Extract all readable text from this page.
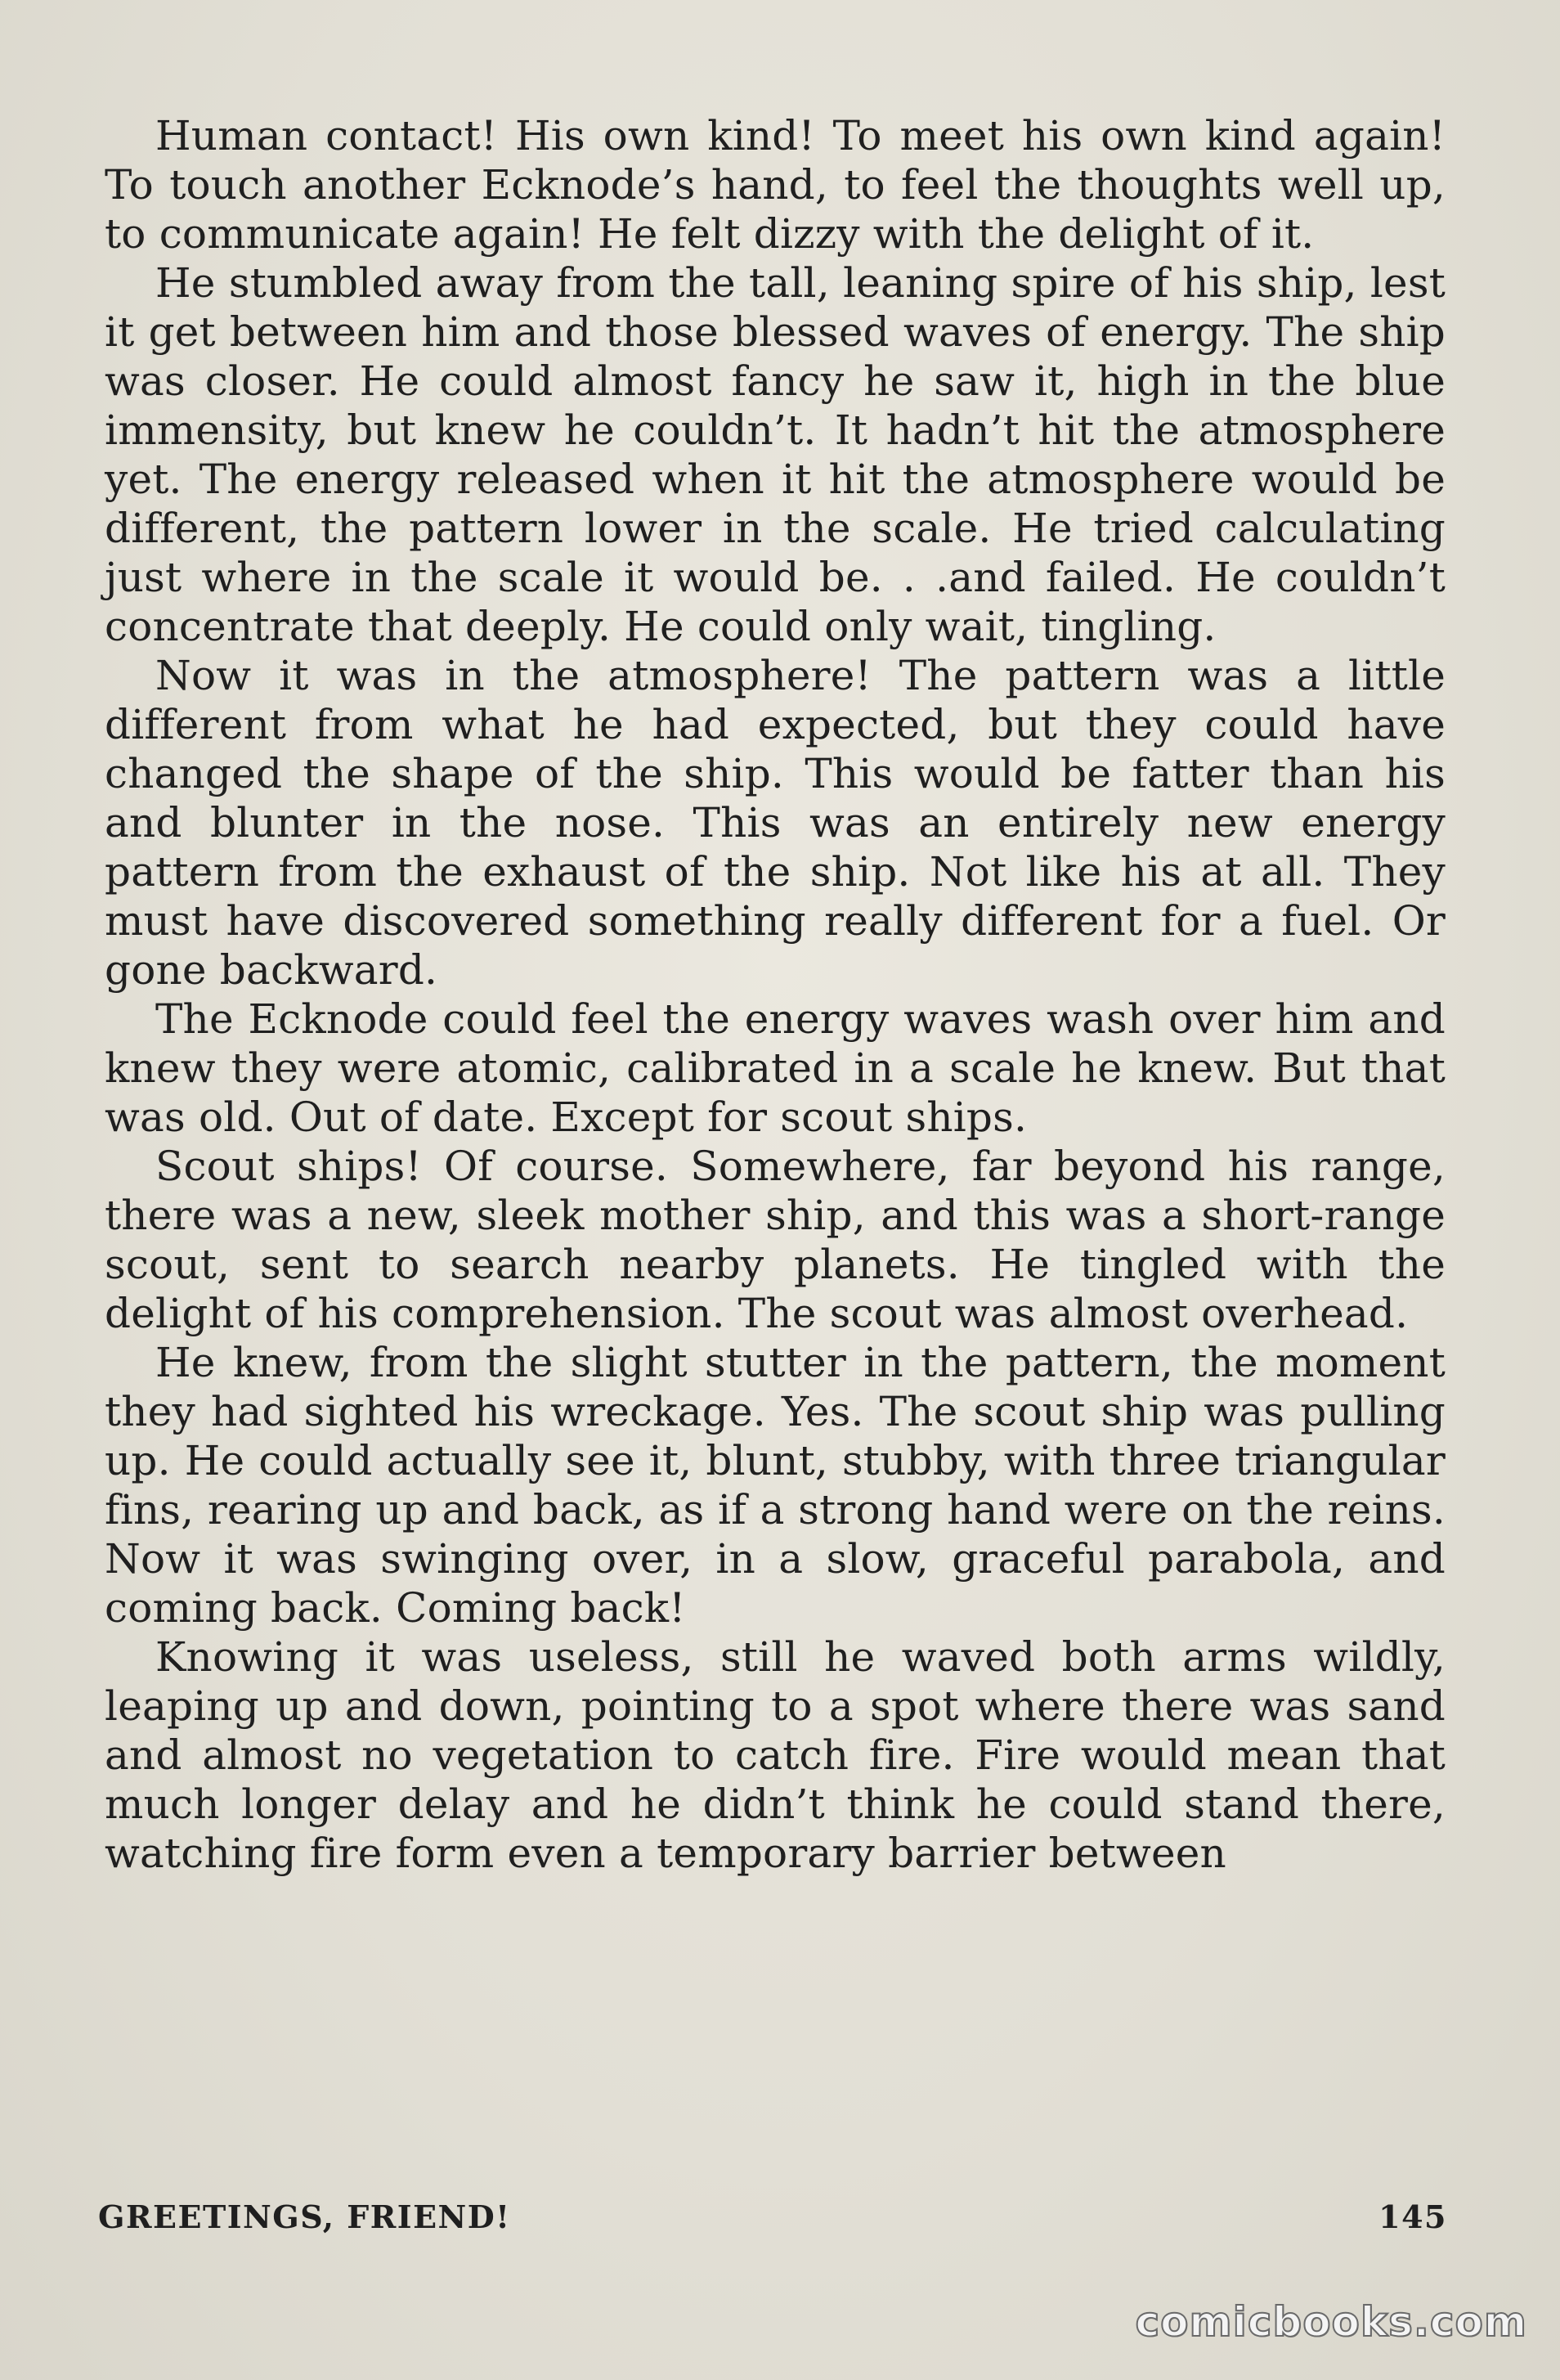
Human contact! His own kind! To meet his own kind again! To touch another Ecknode’s hand, to feel the thoughts well up, to communicate again! He felt dizzy with the delight of it.

He stumbled away from the tall, leaning spire of his ship, lest it get between him and those blessed waves of energy. The ship was closer. He could almost fancy he saw it, high in the blue immensity, but knew he couldn’t. It hadn’t hit the atmosphere yet. The energy released when it hit the atmosphere would be different, the pattern lower in the scale. He tried calculating just where in the scale it would be. . .and failed. He couldn’t concentrate that deeply. He could only wait, tingling.

Now it was in the atmosphere! The pattern was a little different from what he had expected, but they could have changed the shape of the ship. This would be fatter than his and blunter in the nose. This was an entirely new energy pattern from the exhaust of the ship. Not like his at all. They must have discovered something really different for a fuel. Or gone backward.

The Ecknode could feel the energy waves wash over him and knew they were atomic, calibrated in a scale he knew. But that was old. Out of date. Except for scout ships.

Scout ships! Of course. Somewhere, far beyond his range, there was a new, sleek mother ship, and this was a short-range scout, sent to search nearby planets. He tingled with the delight of his comprehension. The scout was almost overhead.

He knew, from the slight stutter in the pattern, the moment they had sighted his wreckage. Yes. The scout ship was pulling up. He could actually see it, blunt, stubby, with three triangular fins, rearing up and back, as if a strong hand were on the reins. Now it was swinging over, in a slow, graceful parabola, and coming back. Coming back!

Knowing it was useless, still he waved both arms wildly, leaping up and down, pointing to a spot where there was sand and almost no vegetation to catch fire. Fire would mean that much longer delay and he didn’t think he could stand there, watching fire form even a temporary barrier between

GREETINGS, FRIEND!	145
comicbooks.com
